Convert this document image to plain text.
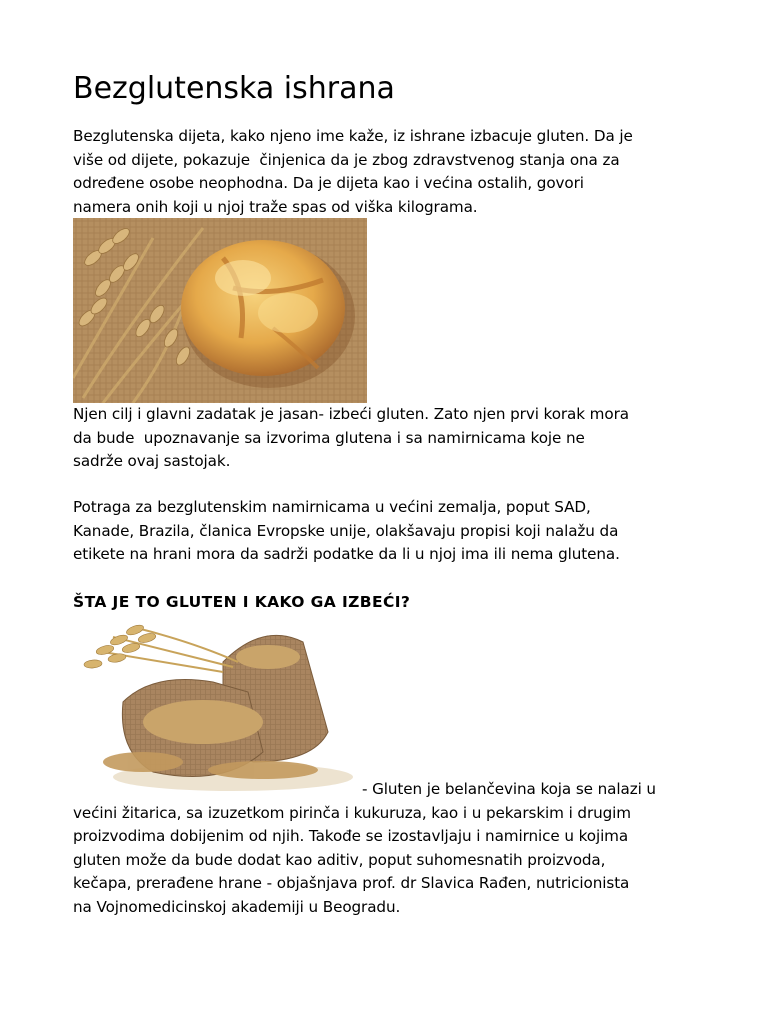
Bezglutenska ishrana

Bezglutenska dijeta, kako njeno ime kaže, iz ishrane izbacuje gluten. Da je
više od dijete, pokazuje  činjenica da je zbog zdravstvenog stanja ona za
određene osobe neophodna. Da je dijeta kao i većina ostalih, govori
namera onih koji u njoj traže spas od viška kilograma.

Njen cilj i glavni zadatak je jasan- izbeći gluten. Zato njen prvi korak mora
da bude  upoznavanje sa izvorima glutena i sa namirnicama koje ne
sadrže ovaj sastojak.

Potraga za bezglutenskim namirnicama u većini zemalja, poput SAD,
Kanade, Brazila, članica Evropske unije, olakšavaju propisi koji nalažu da
etikete na hrani mora da sadrži podatke da li u njoj ima ili nema glutena.

ŠTA JE TO GLUTEN I KAKO GA IZBEĆI?

- Gluten je belančevina koja se nalazi u
većini žitarica, sa izuzetkom pirinča i kukuruza, kao i u pekarskim i drugim
proizvodima dobijenim od njih. Takođe se izostavljaju i namirnice u kojima
gluten može da bude dodat kao aditiv, poput suhomesnatih proizvoda,
kečapa, prerađene hrane - objašnjava prof. dr Slavica Rađen, nutricionista
na Vojnomedicinskoj akademiji u Beogradu.
